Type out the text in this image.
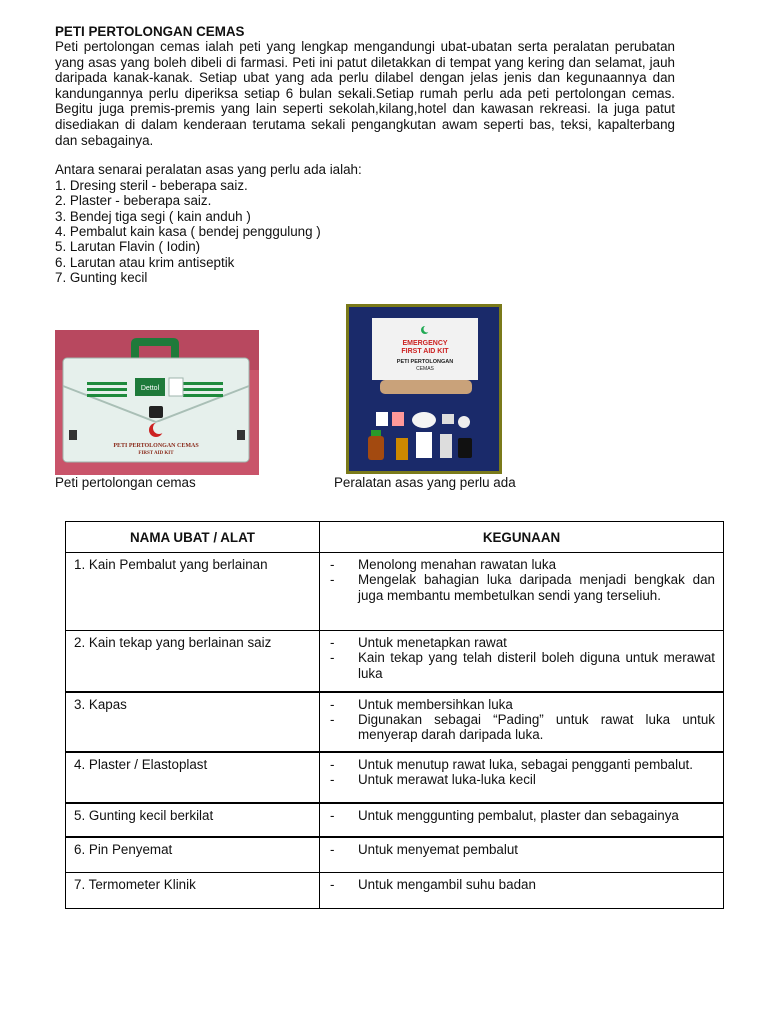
PETI PERTOLONGAN CEMAS

Peti pertolongan cemas ialah peti yang lengkap mengandungi ubat-ubatan serta peralatan perubatan yang asas yang boleh dibeli di farmasi. Peti ini patut diletakkan di tempat yang kering dan selamat, jauh daripada kanak-kanak. Setiap ubat yang ada perlu dilabel dengan jelas jenis dan kegunaannya dan kandungannya perlu diperiksa setiap 6 bulan sekali.Setiap rumah perlu ada peti pertolongan cemas. Begitu juga premis-premis yang lain seperti sekolah,kilang,hotel dan kawasan rekreasi. Ia juga patut disediakan di dalam kenderaan terutama sekali pengangkutan awam seperti bas, teksi, kapalterbang dan sebagainya.

Antara senarai peralatan asas yang perlu ada ialah:

1. Dresing steril - beberapa saiz.
2. Plaster - beberapa saiz.
3. Bendej tiga segi ( kain anduh )
4. Pembalut kain kasa ( bendej penggulung )
5. Larutan Flavin ( Iodin)
6. Larutan atau krim antiseptik
7. Gunting kecil
Dettol
PETI PERTOLONGAN CEMAS
FIRST AID KIT
EMERGENCY
FIRST AID KIT
PETI PERTOLONGAN
CEMAS
Peti pertolongan cemas	Peralatan asas yang perlu ada
NAMA UBAT / ALAT	KEGUNAAN
1. Kain Pembalut yang berlainan	- Menolong menahan rawatan luka
- Mengelak bahagian luka daripada menjadi bengkak dan juga membantu membetulkan sendi yang terseliuh.

2. Kain tekap yang berlainan saiz	- Untuk menetapkan rawat
- Kain tekap yang telah disteril boleh diguna untuk merawat luka

3. Kapas	- Untuk membersihkan luka
- Digunakan sebagai “Pading” untuk rawat luka untuk menyerap darah daripada luka.

4. Plaster / Elastoplast	- Untuk menutup rawat luka, sebagai pengganti pembalut.
- Untuk merawat luka-luka kecil

5. Gunting kecil berkilat	- Untuk menggunting pembalut, plaster dan sebagainya

6. Pin Penyemat	- Untuk menyemat pembalut

7. Termometer Klinik	- Untuk mengambil suhu badan
